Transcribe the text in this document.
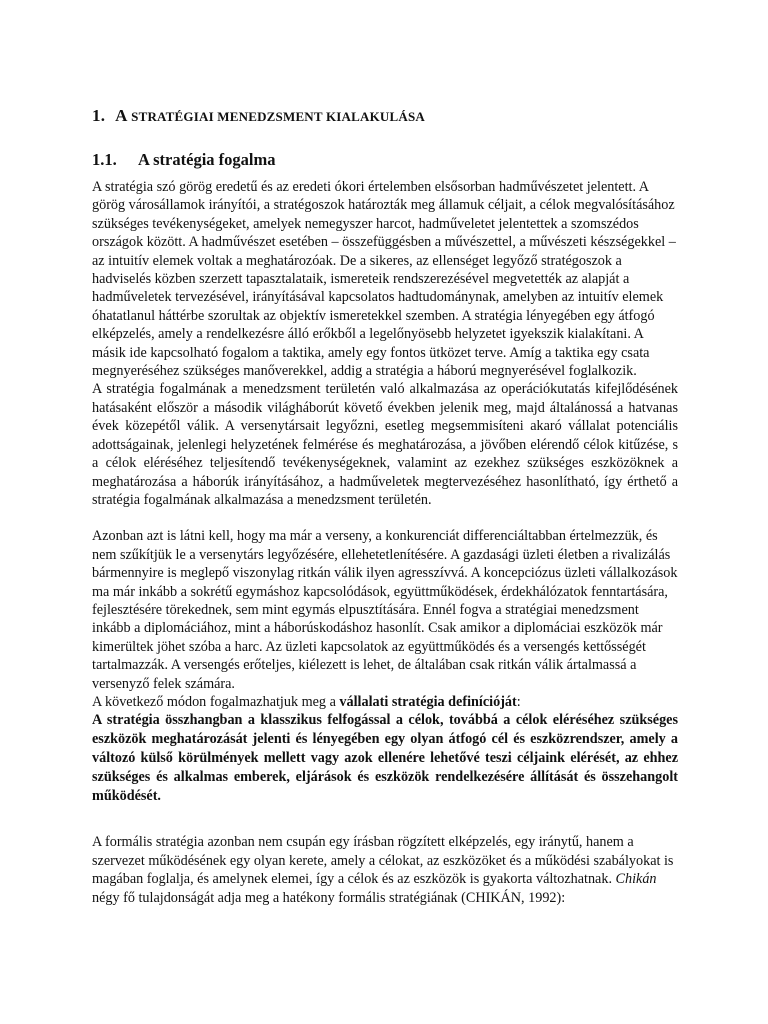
1. A STRATÉGIAI MENEDZSMENT KIALAKULÁSA
1.1. A stratégia fogalma

A stratégia szó görög eredetű és az eredeti ókori értelemben elsősorban hadművészetet jelentett. A görög városállamok irányítói, a stratégoszok határozták meg államuk céljait, a célok megvalósításához szükséges tevékenységeket, amelyek nemegyszer harcot, hadműveletet jelentettek a szomszédos országok között. A hadművészet esetében – összefüggésben a művészettel, a művészeti készségekkel – az intuitív elemek voltak a meghatározóak. De a sikeres, az ellenséget legyőző stratégoszok a hadviselés közben szerzett tapasztalataik, ismereteik rendszerezésével megvetették az alapját a hadműveletek tervezésével, irányításával kapcsolatos hadtudománynak, amelyben az intuitív elemek óhatatlanul háttérbe szorultak az objektív ismeretekkel szemben. A stratégia lényegében egy átfogó elképzelés, amely a rendelkezésre álló erőkből a legelőnyösebb helyzetet igyekszik kialakítani. A másik ide kapcsolható fogalom a taktika, amely egy fontos ütközet terve. Amíg a taktika egy csata megnyeréséhez szükséges manőverekkel, addig a stratégia a háború megnyerésével foglalkozik.

A stratégia fogalmának a menedzsment területén való alkalmazása az operációkutatás kifejlődésének hatásaként először a második világháborút követő években jelenik meg, majd általánossá a hatvanas évek közepétől válik. A versenytársait legyőzni, esetleg megsemmisíteni akaró vállalat potenciális adottságainak, jelenlegi helyzetének felmérése és meghatározása, a jövőben elérendő célok kitűzése, s a célok eléréséhez teljesítendő tevékenységeknek, valamint az ezekhez szükséges eszközöknek a meghatározása a háborúk irányításához, a hadműveletek megtervezéséhez hasonlítható, így érthető a stratégia fogalmának alkalmazása a menedzsment területén.

Azonban azt is látni kell, hogy ma már a verseny, a konkurenciát differenciáltabban értelmezzük, és nem szűkítjük le a versenytárs legyőzésére, ellehetetlenítésére. A gazdasági üzleti életben a rivalizálás bármennyire is meglepő viszonylag ritkán válik ilyen agresszívvá. A koncepciózus üzleti vállalkozások ma már inkább a sokrétű egymáshoz kapcsolódások, együttműködések, érdekhálózatok fenntartására, fejlesztésére törekednek, sem mint egymás elpusztítására. Ennél fogva a stratégiai menedzsment inkább a diplomáciához, mint a háborúskodáshoz hasonlít. Csak amikor a diplomáciai eszközök már kimerültek jöhet szóba a harc. Az üzleti kapcsolatok az együttműködés és a versengés kettősségét tartalmazzák. A versengés erőteljes, kiélezett is lehet, de általában csak ritkán válik ártalmassá a versenyző felek számára.

A következő módon fogalmazhatjuk meg a vállalati stratégia definícióját:

A stratégia összhangban a klasszikus felfogással a célok, továbbá a célok eléréséhez szükséges eszközök meghatározását jelenti és lényegében egy olyan átfogó cél és eszközrendszer, amely a változó külső körülmények mellett vagy azok ellenére lehetővé teszi céljaink elérését, az ehhez szükséges és alkalmas emberek, eljárások és eszközök rendelkezésére állítását és összehangolt működését.

A formális stratégia azonban nem csupán egy írásban rögzített elképzelés, egy iránytű, hanem a szervezet működésének egy olyan kerete, amely a célokat, az eszközöket és a működési szabályokat is magában foglalja, és amelynek elemei, így a célok és az eszközök is gyakorta változhatnak. Chikán négy fő tulajdonságát adja meg a hatékony formális stratégiának (CHIKÁN, 1992):
